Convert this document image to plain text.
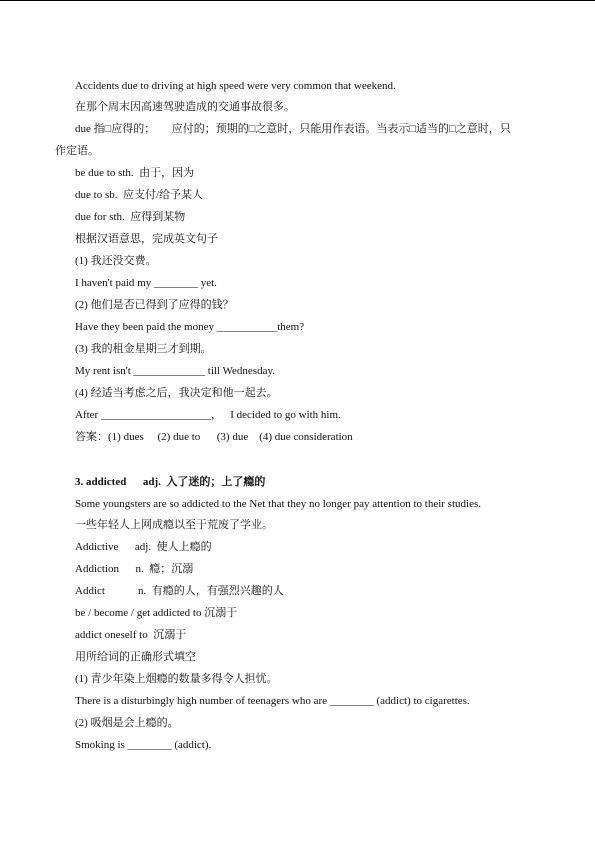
Accidents due to driving at high speed were very common that weekend.
在那个周末因高速驾驶造成的交通事故很多。
due 指□应得的；      应付的；预期的□之意时，只能用作表语。当表示□适当的□之意时，只
作定语。
be due to sth.  由于，因为
due to sb.  应支付/给予某人
due for sth.  应得到某物
根据汉语意思，完成英文句子
(1) 我还没交费。
I haven't paid my ________ yet.
(2) 他们是否已得到了应得的钱？
Have they been paid the money ___________them?
(3) 我的租金星期三才到期。
My rent isn't _____________ till Wednesday.
(4) 经适当考虑之后，我决定和他一起去。
After ____________________，   I decided to go with him.
答案：(1) dues     (2) due to      (3) due    (4) due consideration
3. addicted      adj.  入了迷的；上了瘾的
Some youngsters are so addicted to the Net that they no longer pay attention to their studies.
一些年轻人上网成瘾以至于荒废了学业。
Addictive      adj.  使人上瘾的
Addiction      n.  瘾；沉溺
Addict            n.  有瘾的人，有强烈兴趣的人
be / become / get addicted to 沉溺于
addict oneself to  沉溺于
用所给词的正确形式填空
(1) 青少年染上烟瘾的数量多得令人担忧。
There is a disturbingly high number of teenagers who are ________ (addict) to cigarettes.
(2) 吸烟是会上瘾的。
Smoking is ________ (addict).
